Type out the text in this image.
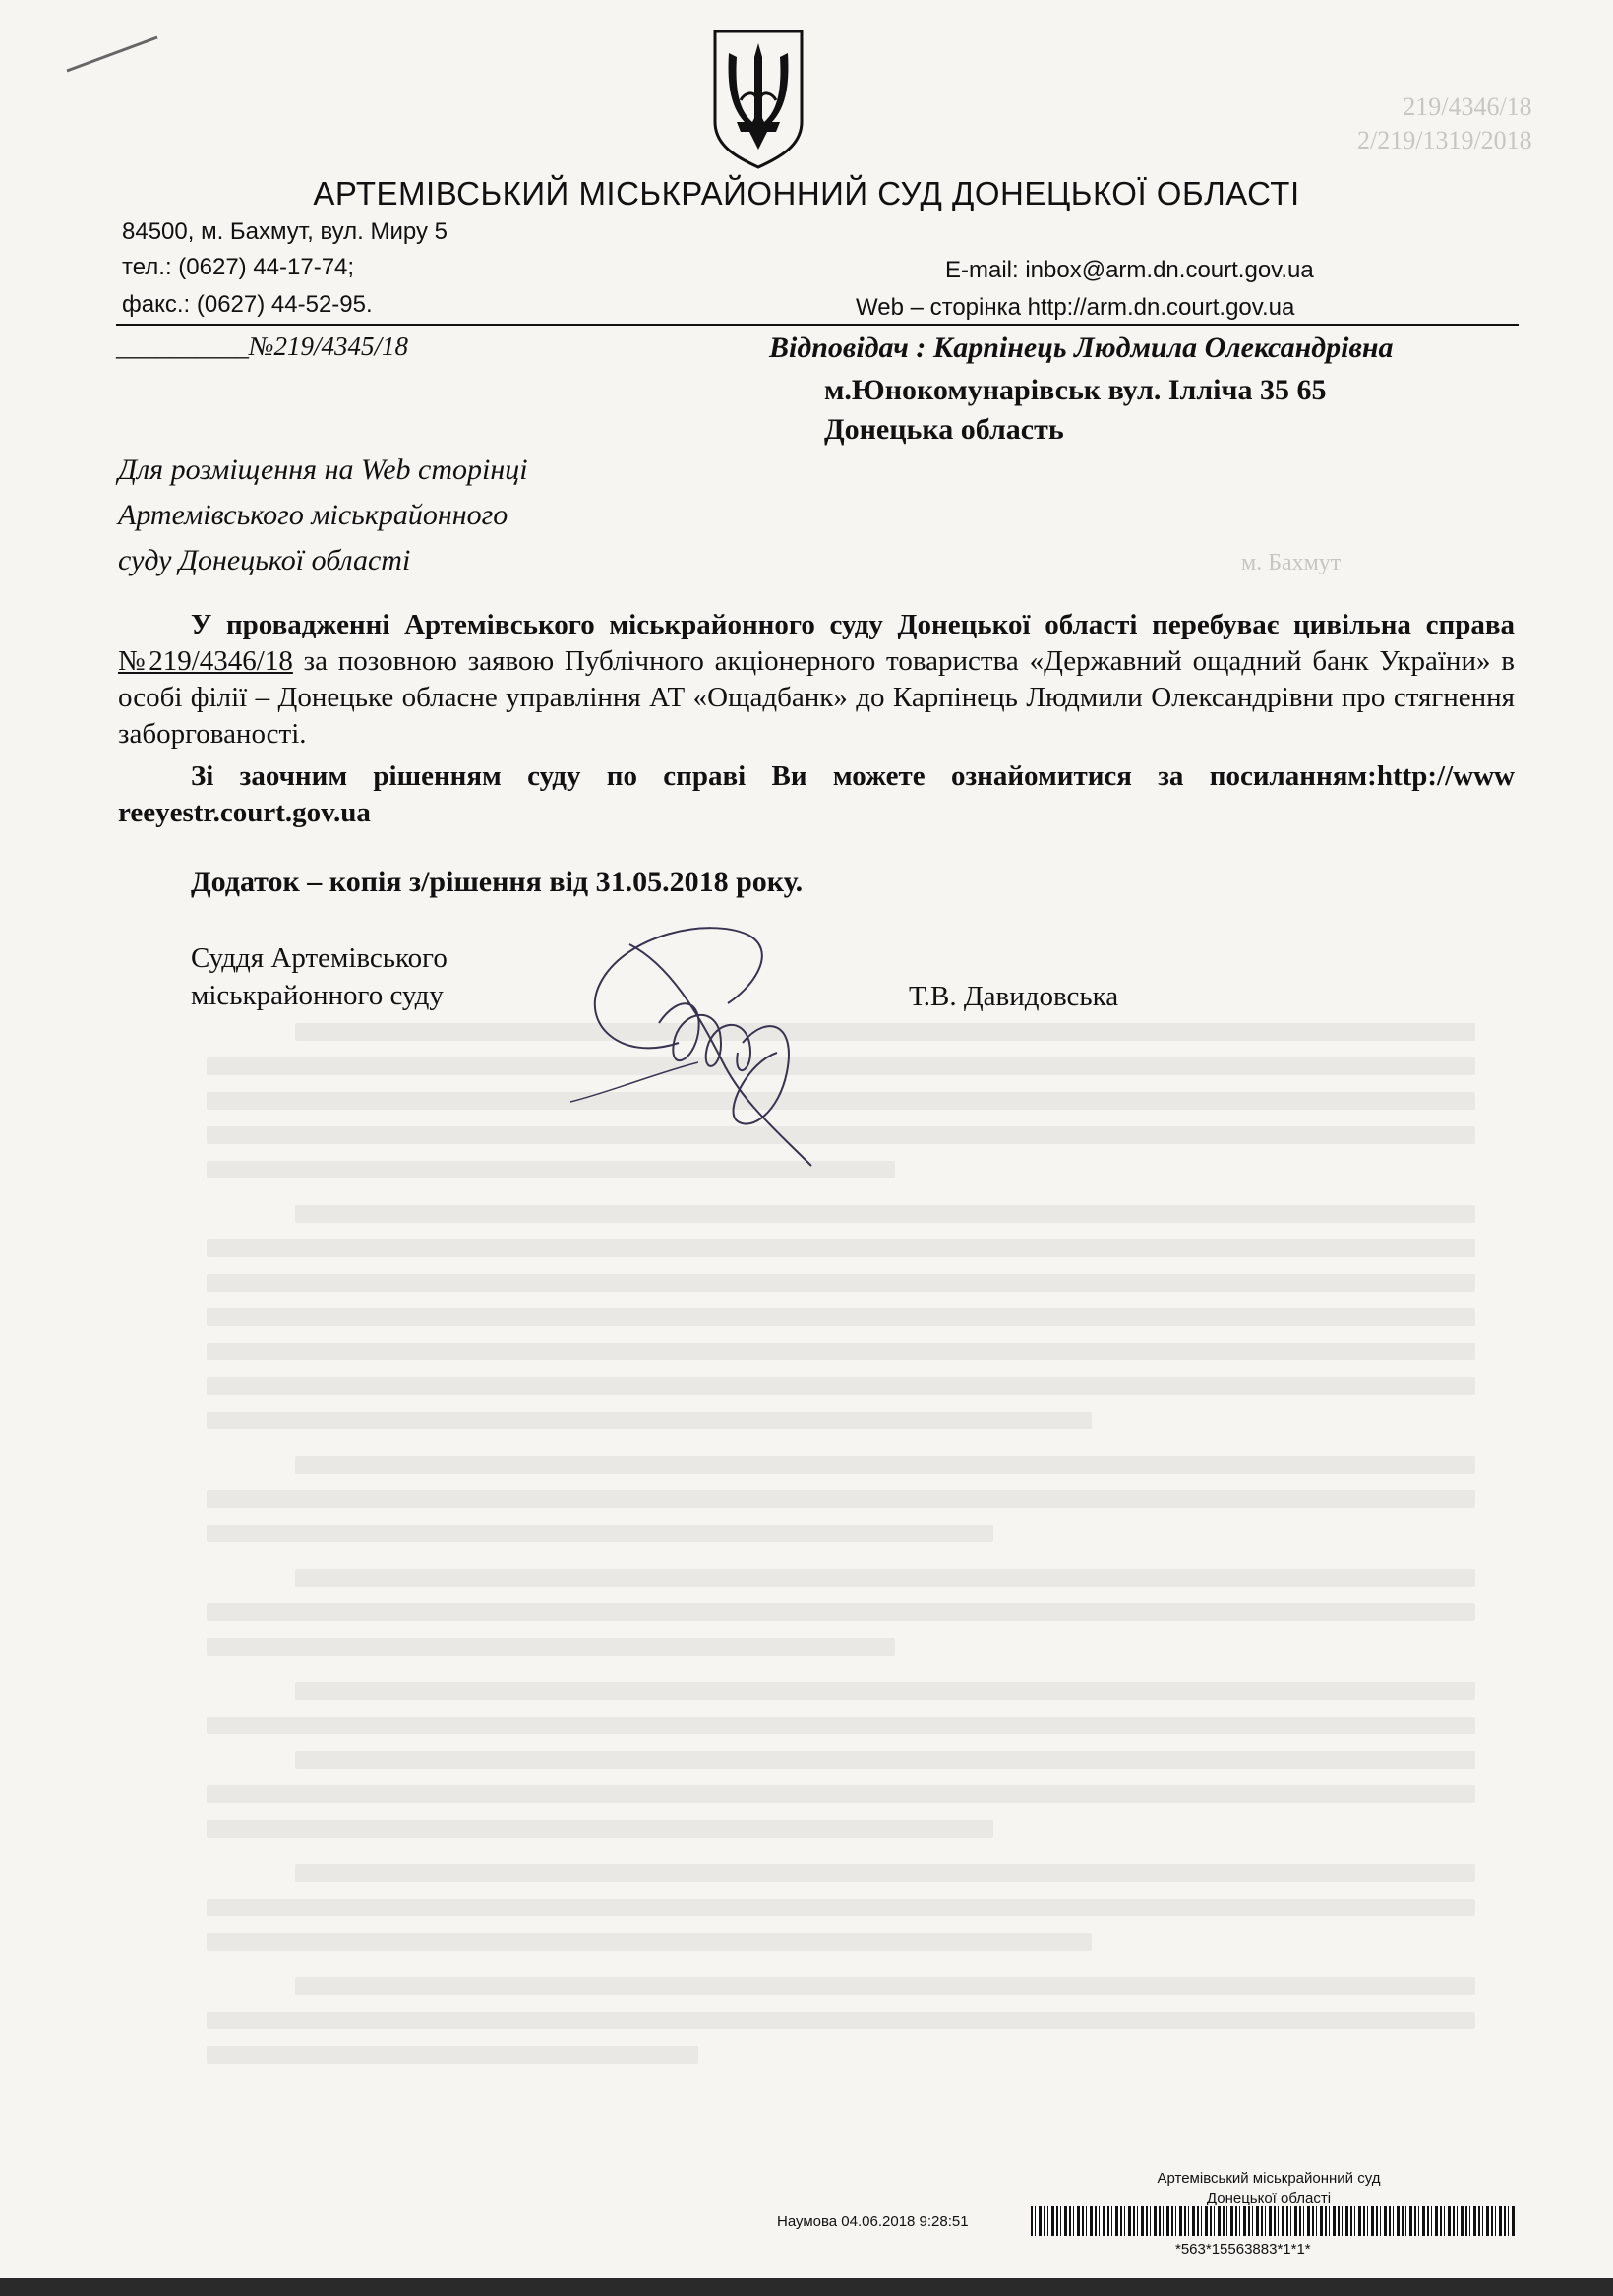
219/4346/18
2/219/1319/2018
м. Бахмут
АРТЕМІВСЬКИЙ МІСЬКРАЙОННИЙ СУД ДОНЕЦЬКОЇ ОБЛАСТІ
84500, м. Бахмут, вул. Миру 5
тел.: (0627) 44-17-74;
факс.: (0627) 44-52-95.
E-mail: inbox@arm.dn.court.gov.ua
Web – сторінка http://arm.dn.court.gov.ua
__________№219/4345/18	Відповідач : Карпінець Людмила Олександрівна
м.Юнокомунарівськ вул. Ілліча 35 65
Донецька область
Для розміщення на Web сторінці
Артемівського міськрайонного
суду Донецької області
У провадженні Артемівського міськрайонного суду Донецької області перебуває цивільна справа №219/4346/18 за позовною заявою Публічного акціонерного товариства «Державний ощадний банк України» в особі філії – Донецьке обласне управління АТ «Ощадбанк» до Карпінець Людмили Олександрівни про стягнення заборгованості.
Зі заочним рішенням суду по справі Ви можете ознайомитися за посиланням:http://www reeyestr.court.gov.ua
Додаток – копія з/рішення від 31.05.2018 року.
Суддя Артемівського
міськрайонного суду	Т.В. Давидовська
Артемівський міськрайонний суд
Донецької області
Наумова 04.06.2018 9:28:51
*563*15563883*1*1*
